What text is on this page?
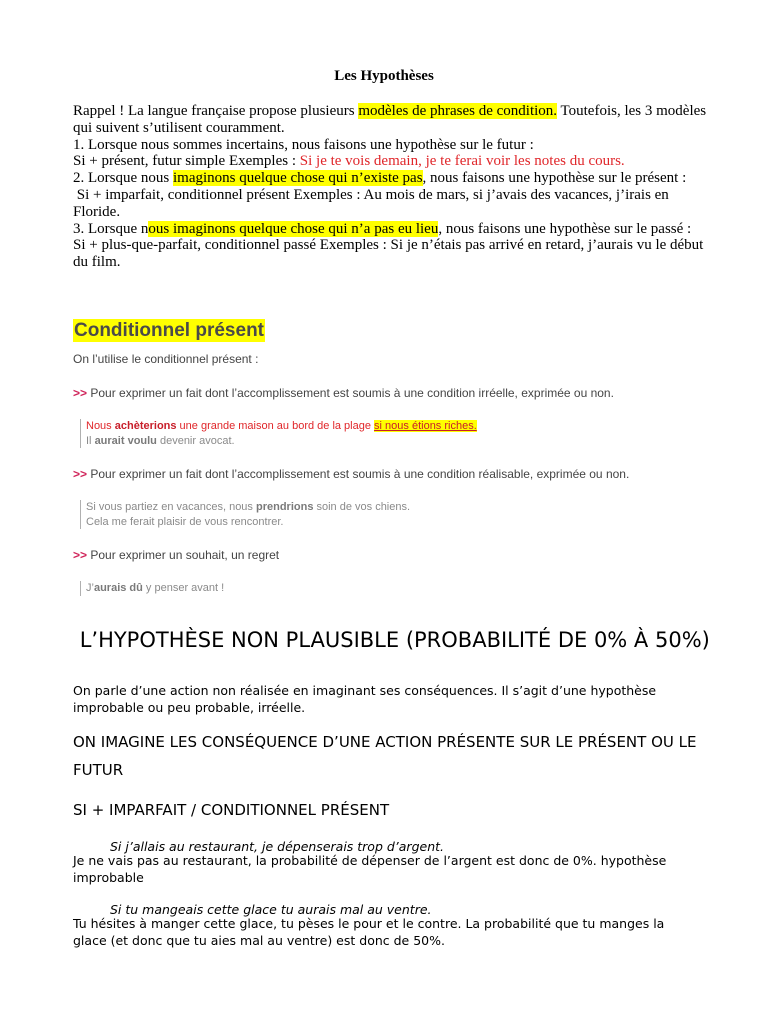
Les Hypothèses
Rappel ! La langue française propose plusieurs modèles de phrases de condition. Toutefois, les 3 modèles qui suivent s’utilisent couramment.
1. Lorsque nous sommes incertains, nous faisons une hypothèse sur le futur :
Si + présent, futur simple Exemples : Si je te vois demain, je te ferai voir les notes du cours.
2. Lorsque nous imaginons quelque chose qui n’existe pas, nous faisons une hypothèse sur le présent :
Si + imparfait, conditionnel présent Exemples : Au mois de mars, si j’avais des vacances, j’irais en Floride.
3. Lorsque nous imaginons quelque chose qui n’a pas eu lieu, nous faisons une hypothèse sur le passé :
Si + plus-que-parfait, conditionnel passé Exemples : Si je n’étais pas arrivé en retard, j’aurais vu le début du film.
Conditionnel présent
On l’utilise le conditionnel présent :
>> Pour exprimer un fait dont l’accomplissement est soumis à une condition irréelle, exprimée ou non.
Nous achèterions une grande maison au bord de la plage si nous étions riches.
Il aurait voulu devenir avocat.
>> Pour exprimer un fait dont l’accomplissement est soumis à une condition réalisable, exprimée ou non.
Si vous partiez en vacances, nous prendrions soin de vos chiens.
Cela me ferait plaisir de vous rencontrer.
>> Pour exprimer un souhait, un regret
J’aurais dû y penser avant !
L’HYPOTHÈSE NON PLAUSIBLE (PROBABILITÉ DE 0% À 50%)
On parle d’une action non réalisée en imaginant ses conséquences. Il s’agit d’une hypothèse improbable ou peu probable, irréelle.
ON IMAGINE LES CONSÉQUENCE D’UNE ACTION PRÉSENTE SUR LE PRÉSENT OU LE FUTUR
SI + IMPARFAIT / CONDITIONNEL PRÉSENT
Si j’allais au restaurant, je dépenserais trop d’argent.
Je ne vais pas au restaurant, la probabilité de dépenser de l’argent est donc de 0%. hypothèse improbable
Si tu mangeais cette glace tu aurais mal au ventre.
Tu hésites à manger cette glace, tu pèses le pour et le contre. La probabilité que tu manges la glace (et donc que tu aies mal au ventre) est donc de 50%.
